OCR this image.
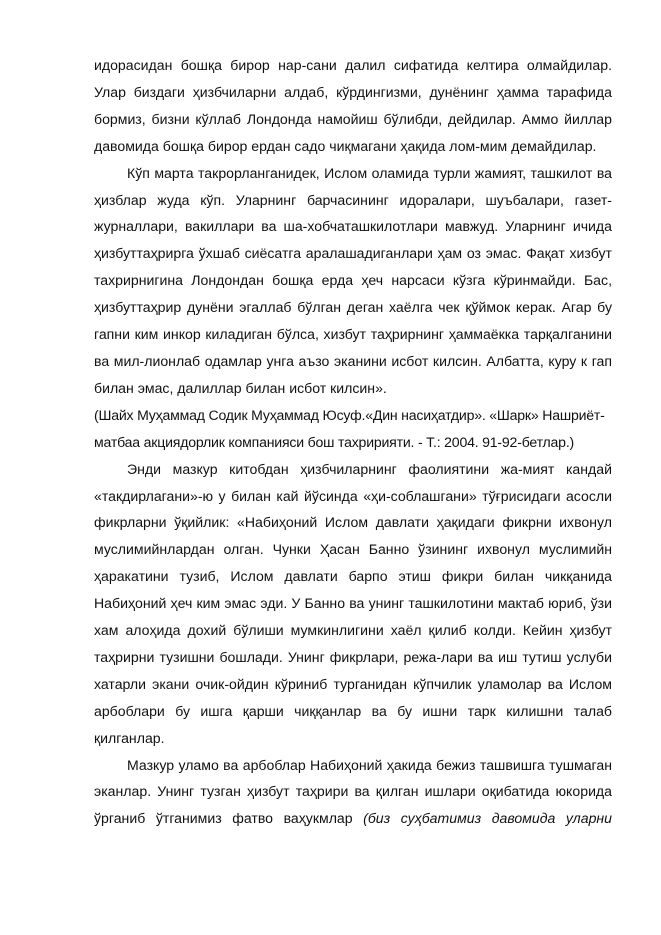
идорасидан бошқа бирор нар-сани далил сифатида келтира олмайдилар. Улар биздаги ҳизбчиларни алдаб, кўрдингизми, дунёнинг ҳамма тарафида бормиз, бизни кўллаб Лондонда намойиш бўлибди, дейдилар. Аммо йиллар давомида бошқа бирор ердан садо чиқмагани ҳақида лом-мим демайдилар.

Кўп марта такрорланганидек, Ислом оламида турли жамият, ташкилот ва ҳизблар жуда кўп. Уларнинг барчасининг идоралари, шуъбалари, газет-журналлари, вакиллари ва ша-хобчаташкилотлари мавжуд. Уларнинг ичида ҳизбуттаҳрирга ўхшаб сиёсатга аралашадиганлари ҳам оз эмас. Фақат хизбут тахрирнигина Лондондан бошқа ерда ҳеч нарсаси кўзга кўринмайди. Бас, ҳизбуттаҳрир дунёни эгаллаб бўлган деган хаёлга чек қўймок керак. Агар бу гапни ким инкор киладиган бўлса, хизбут таҳрирнинг ҳаммаёкка тарқалганини ва мил-лионлаб одамлар унга аъзо эканини исбот килсин. Албатта, куру к гап билан эмас, далиллар билан исбот килсин».

(Шайх Муҳаммад Содик Муҳаммад Юсуф.«Дин насиҳатдир». «Шарк» Нашриёт-матбаа акциядорлик компанияси бош тахририяти. - Т.: 2004. 91-92-бетлар.)

Энди мазкур китобдан ҳизбчиларнинг фаолиятини жа-мият кандай «такдирлагани»-ю у билан кай йўсинда «ҳи-соблашгани» тўғрисидаги асосли фикрларни ўқийлик: «Набиҳоний Ислом давлати ҳақидаги фикрни ихвонул муслимийнлардан олган. Чунки Ҳасан Банно ўзининг ихвонул муслимийн ҳаракатини тузиб, Ислом давлати барпо этиш фикри билан чикқанида Набиҳоний ҳеч ким эмас эди. У Банно ва унинг ташкилотини мактаб юриб, ўзи хам алоҳида дохий бўлиши мумкинлигини хаёл қилиб колди. Кейин ҳизбут таҳрирни тузишни бошлади. Унинг фикрлари, режа-лари ва иш тутиш услуби хатарли экани очик-ойдин кўриниб турганидан кўпчилик уламолар ва Ислом арбоблари бу ишга қарши чиққанлар ва бу ишни тарк килишни талаб қилганлар.

Мазкур уламо ва арбоблар Набиҳоний ҳакида бежиз ташвишга тушмаган эканлар. Унинг тузган ҳизбут таҳрири ва қилган ишлари оқибатида юкорида ўрганиб ўтганимиз фатво ваҳукмлар (биз суҳбатимиз давомида уларни
